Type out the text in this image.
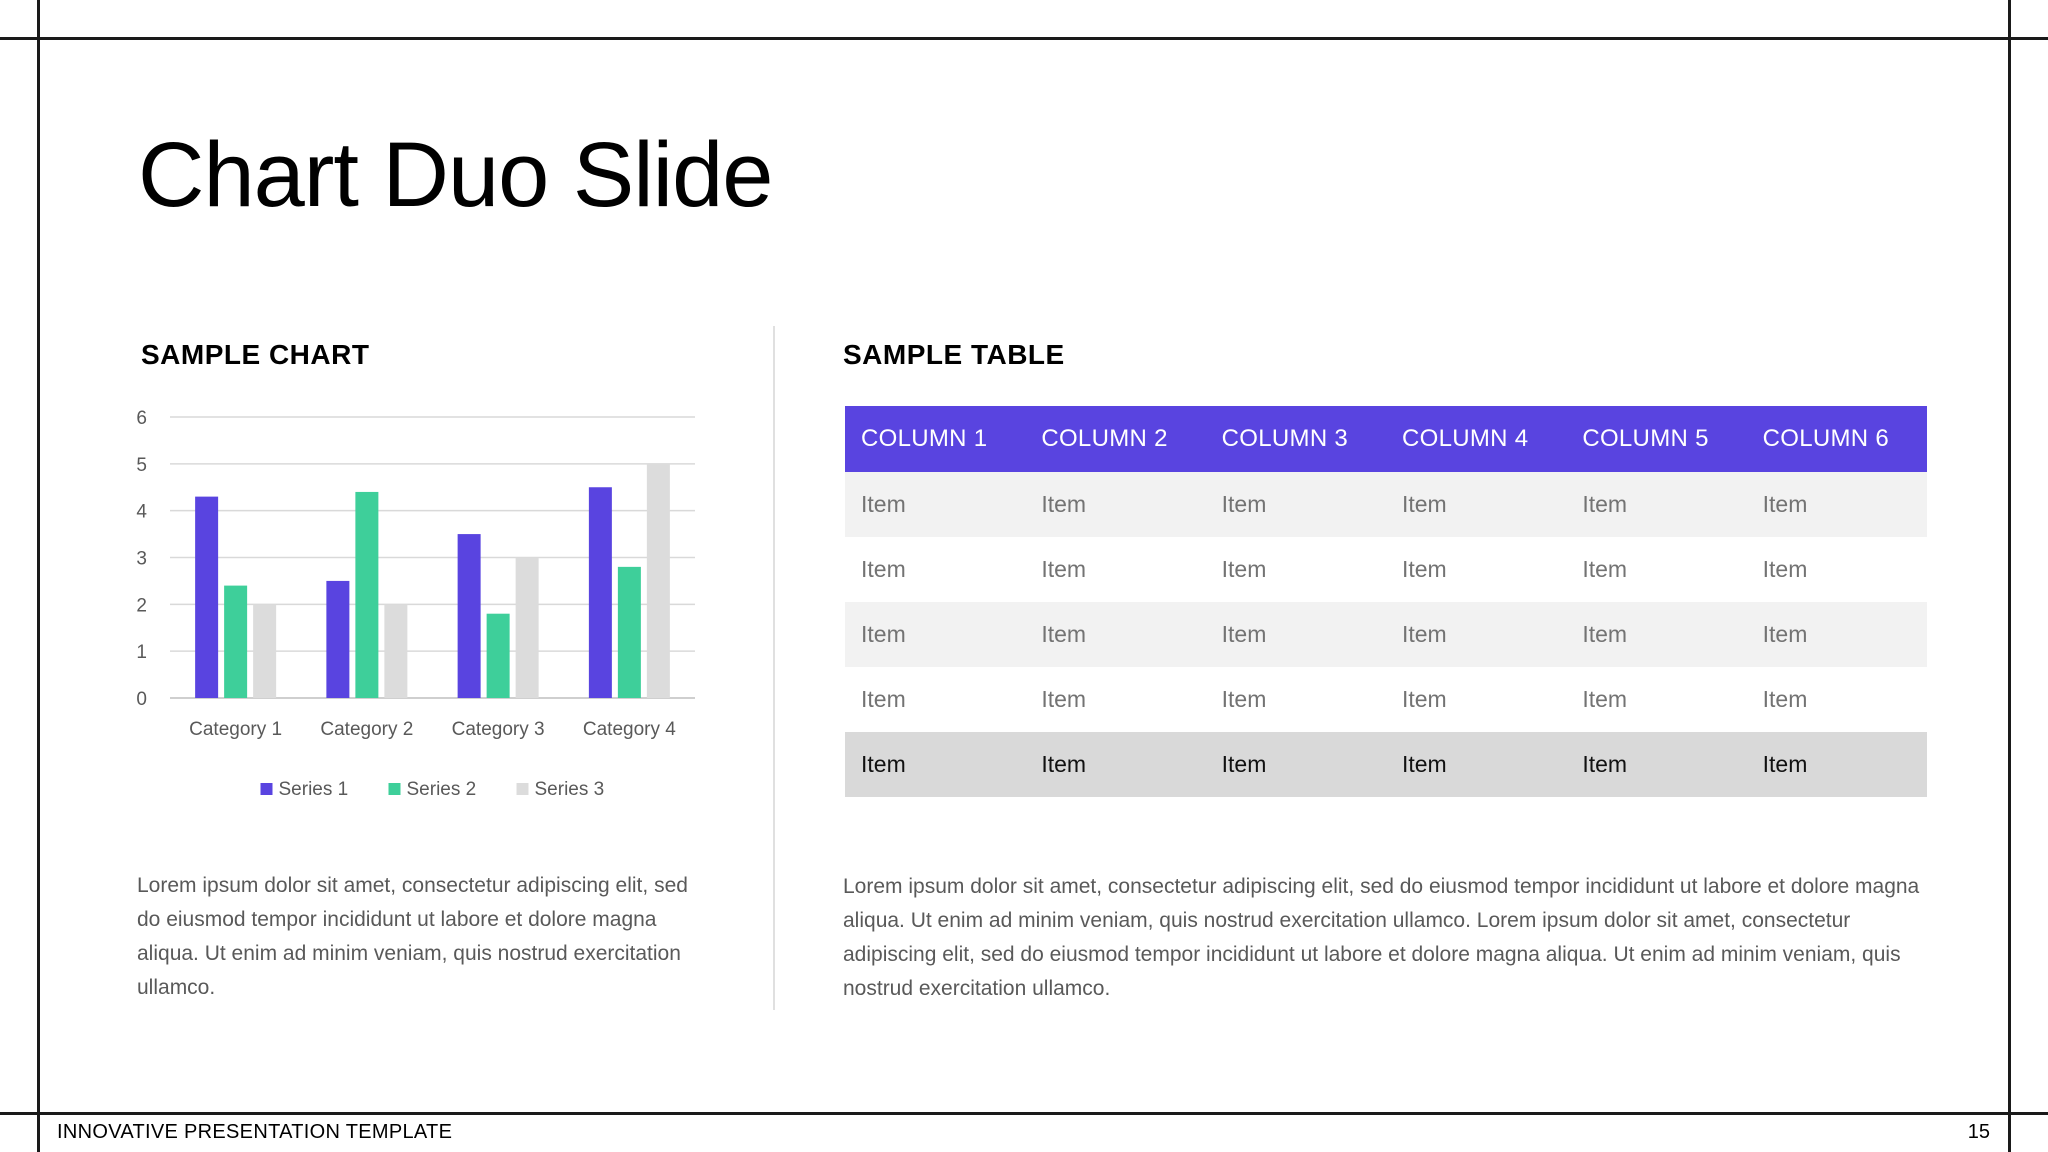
Chart Duo Slide
SAMPLE CHART	SAMPLE TABLE
0
1
2
3
4
5
6
Category 1 Category 2 Category 3 Category 4
Series 1	Series 2	Series 3

Lorem ipsum dolor sit amet, consectetur adipiscing elit, sed do eiusmod tempor incididunt ut labore et dolore magna aliqua. Ut enim ad minim veniam, quis nostrud exercitation ullamco.

COLUMN 1	COLUMN 2	COLUMN 3	COLUMN 4	COLUMN 5	COLUMN 6
Item	Item	Item	Item	Item	Item
Item	Item	Item	Item	Item	Item
Item	Item	Item	Item	Item	Item
Item	Item	Item	Item	Item	Item
Item	Item	Item	Item	Item	Item

Lorem ipsum dolor sit amet, consectetur adipiscing elit, sed do eiusmod tempor incididunt ut labore et dolore magna aliqua. Ut enim ad minim veniam, quis nostrud exercitation ullamco. Lorem ipsum dolor sit amet, consectetur adipiscing elit, sed do eiusmod tempor incididunt ut labore et dolore magna aliqua. Ut enim ad minim veniam, quis nostrud exercitation ullamco.

INNOVATIVE PRESENTATION TEMPLATE	15
